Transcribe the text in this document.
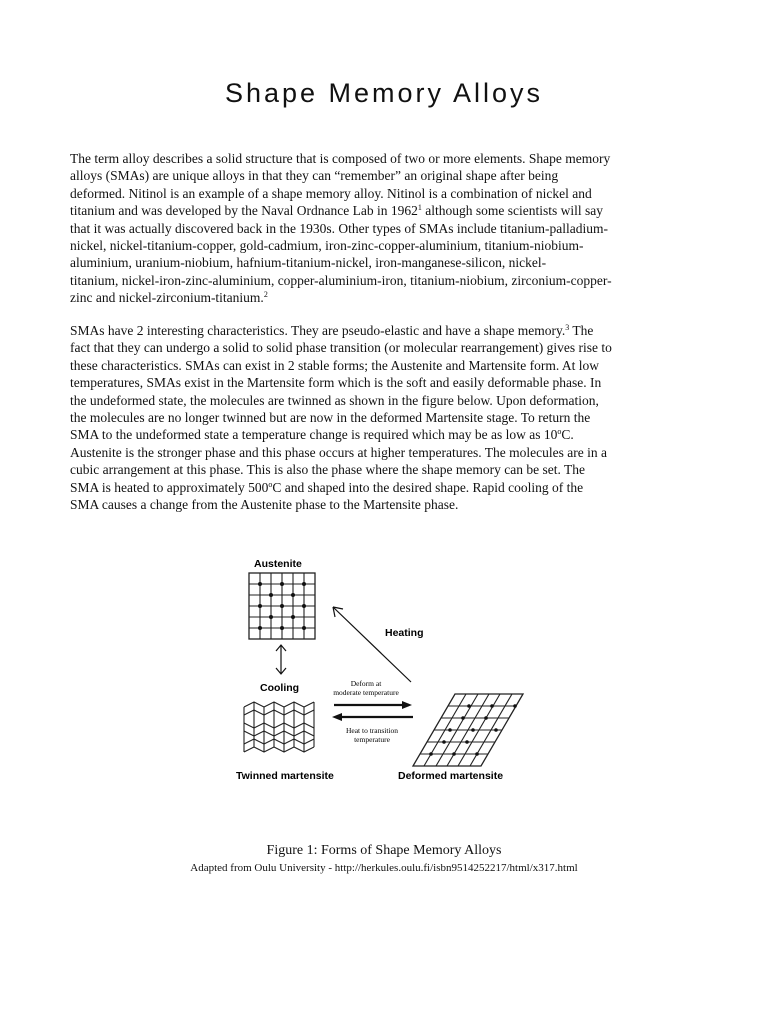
Shape Memory Alloys

The term alloy describes a solid structure that is composed of two or more elements. Shape memory
alloys (SMAs) are unique alloys in that they can “remember” an original shape after being
deformed. Nitinol is an example of a shape memory alloy. Nitinol is a combination of nickel and
titanium and was developed by the Naval Ordnance Lab in 1962$^1$ although some scientists will say
that it was actually discovered back in the 1930s. Other types of SMAs include titanium-palladium-
nickel, nickel-titanium-copper, gold-cadmium, iron-zinc-copper-aluminium, titanium-niobium-
aluminium, uranium-niobium, hafnium-titanium-nickel, iron-manganese-silicon, nickel-
titanium, nickel-iron-zinc-aluminium, copper-aluminium-iron, titanium-niobium, zirconium-copper-
zinc and nickel-zirconium-titanium.$^2$

SMAs have 2 interesting characteristics. They are pseudo-elastic and have a shape memory.$^3$ The
fact that they can undergo a solid to solid phase transition (or molecular rearrangement) gives rise to
these characteristics. SMAs can exist in 2 stable forms; the Austenite and Martensite form. At low
temperatures, SMAs exist in the Martensite form which is the soft and easily deformable phase. In
the undeformed state, the molecules are twinned as shown in the figure below. Upon deformation,
the molecules are no longer twinned but are now in the deformed Martensite stage. To return the
SMA to the undeformed state a temperature change is required which may be as low as 10$^o$C.
Austenite is the stronger phase and this phase occurs at higher temperatures. The molecules are in a
cubic arrangement at this phase. This is also the phase where the shape memory can be set. The
SMA is heated to approximately 500$^o$C and shaped into the desired shape. Rapid cooling of the
SMA causes a change from the Austenite phase to the Martensite phase.

Austenite
Cooling
Heating
Twinned martensite
Deform at
moderate temperature
Heat to transition
temperature
Deformed martensite

Figure 1: Forms of Shape Memory Alloys

Adapted from Oulu University - http://herkules.oulu.fi/isbn9514252217/html/x317.html
